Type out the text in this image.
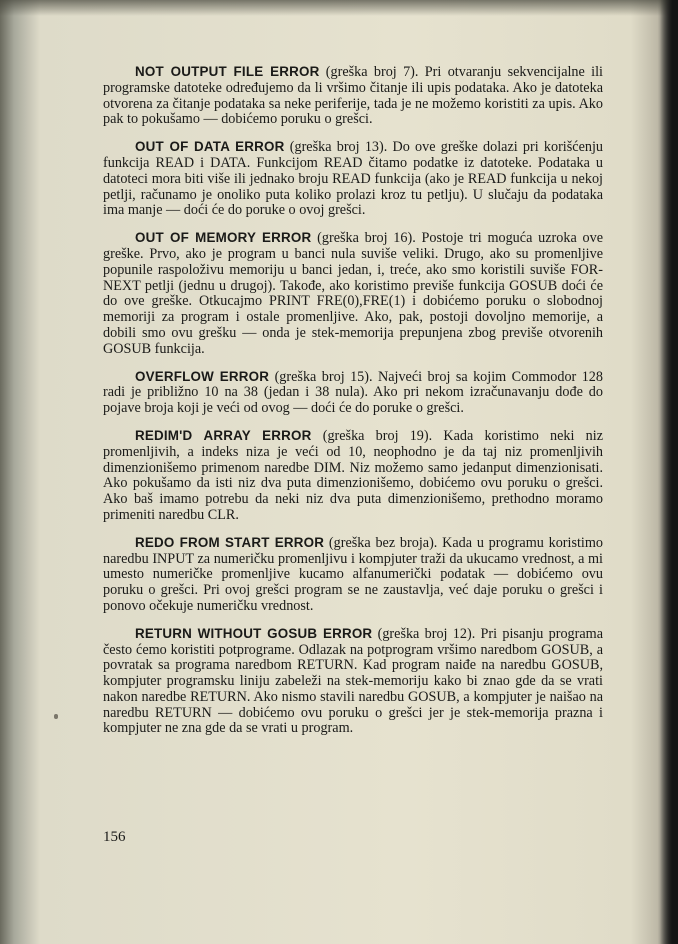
NOT OUTPUT FILE ERROR (greška broj 7). Pri otvaranju sekvencijalne ili programske datoteke određujemo da li vršimo čitanje ili upis podataka. Ako je datoteka otvorena za čitanje podataka sa neke periferije, tada je ne možemo koristiti za upis. Ako pak to pokušamo — dobićemo poruku o grešci.

OUT OF DATA ERROR (greška broj 13). Do ove greške dolazi pri korišćenju funkcija READ i DATA. Funkcijom READ čitamo podatke iz datoteke. Podataka u datoteci mora biti više ili jednako broju READ funkcija (ako je READ funkcija u nekoj petlji, računamo je onoliko puta koliko prolazi kroz tu petlju). U slučaju da podataka ima manje — doći će do poruke o ovoj grešci.

OUT OF MEMORY ERROR (greška broj 16). Postoje tri moguća uzroka ove greške. Prvo, ako je program u banci nula suviše veliki. Drugo, ako su promenljive popunile raspoloživu memoriju u banci jedan, i, treće, ako smo koristili suviše FOR-NEXT petlji (jednu u drugoj). Takođe, ako koristimo previše funkcija GOSUB doći će do ove greške. Otkucajmo PRINT FRE(0),FRE(1) i dobićemo poruku o slobodnoj memoriji za program i ostale promenljive. Ako, pak, postoji dovoljno memorije, a dobili smo ovu grešku — onda je stek-memorija prepunjena zbog previše otvorenih GOSUB funkcija.

OVERFLOW ERROR (greška broj 15). Najveći broj sa kojim Commodor 128 radi je približno 10 na 38 (jedan i 38 nula). Ako pri nekom izračunavanju dođe do pojave broja koji je veći od ovog — doći će do poruke o grešci.

REDIM'D ARRAY ERROR (greška broj 19). Kada koristimo neki niz promenljivih, a indeks niza je veći od 10, neophodno je da taj niz promenljivih dimenzionišemo primenom naredbe DIM. Niz možemo samo jedanput dimenzionisati. Ako pokušamo da isti niz dva puta dimenzionišemo, dobićemo ovu poruku o grešci. Ako baš imamo potrebu da neki niz dva puta dimenzionišemo, prethodno moramo primeniti naredbu CLR.

REDO FROM START ERROR (greška bez broja). Kada u programu koristimo naredbu INPUT za numeričku promenljivu i kompjuter traži da ukucamo vrednost, a mi umesto numeričke promenljive kucamo alfanumerički podatak — dobićemo ovu poruku o grešci. Pri ovoj grešci program se ne zaustavlja, već daje poruku o grešci i ponovo očekuje numeričku vrednost.

RETURN WITHOUT GOSUB ERROR (greška broj 12). Pri pisanju programa često ćemo koristiti potprograme. Odlazak na potprogram vršimo naredbom GOSUB, a povratak sa programa naredbom RETURN. Kad program naiđe na naredbu GOSUB, kompjuter programsku liniju zabeleži na stek-memoriju kako bi znao gde da se vrati nakon naredbe RETURN. Ako nismo stavili naredbu GOSUB, a kompjuter je naišao na naredbu RETURN — dobićemo ovu poruku o grešci jer je stek-memorija prazna i kompjuter ne zna gde da se vrati u program.

156
